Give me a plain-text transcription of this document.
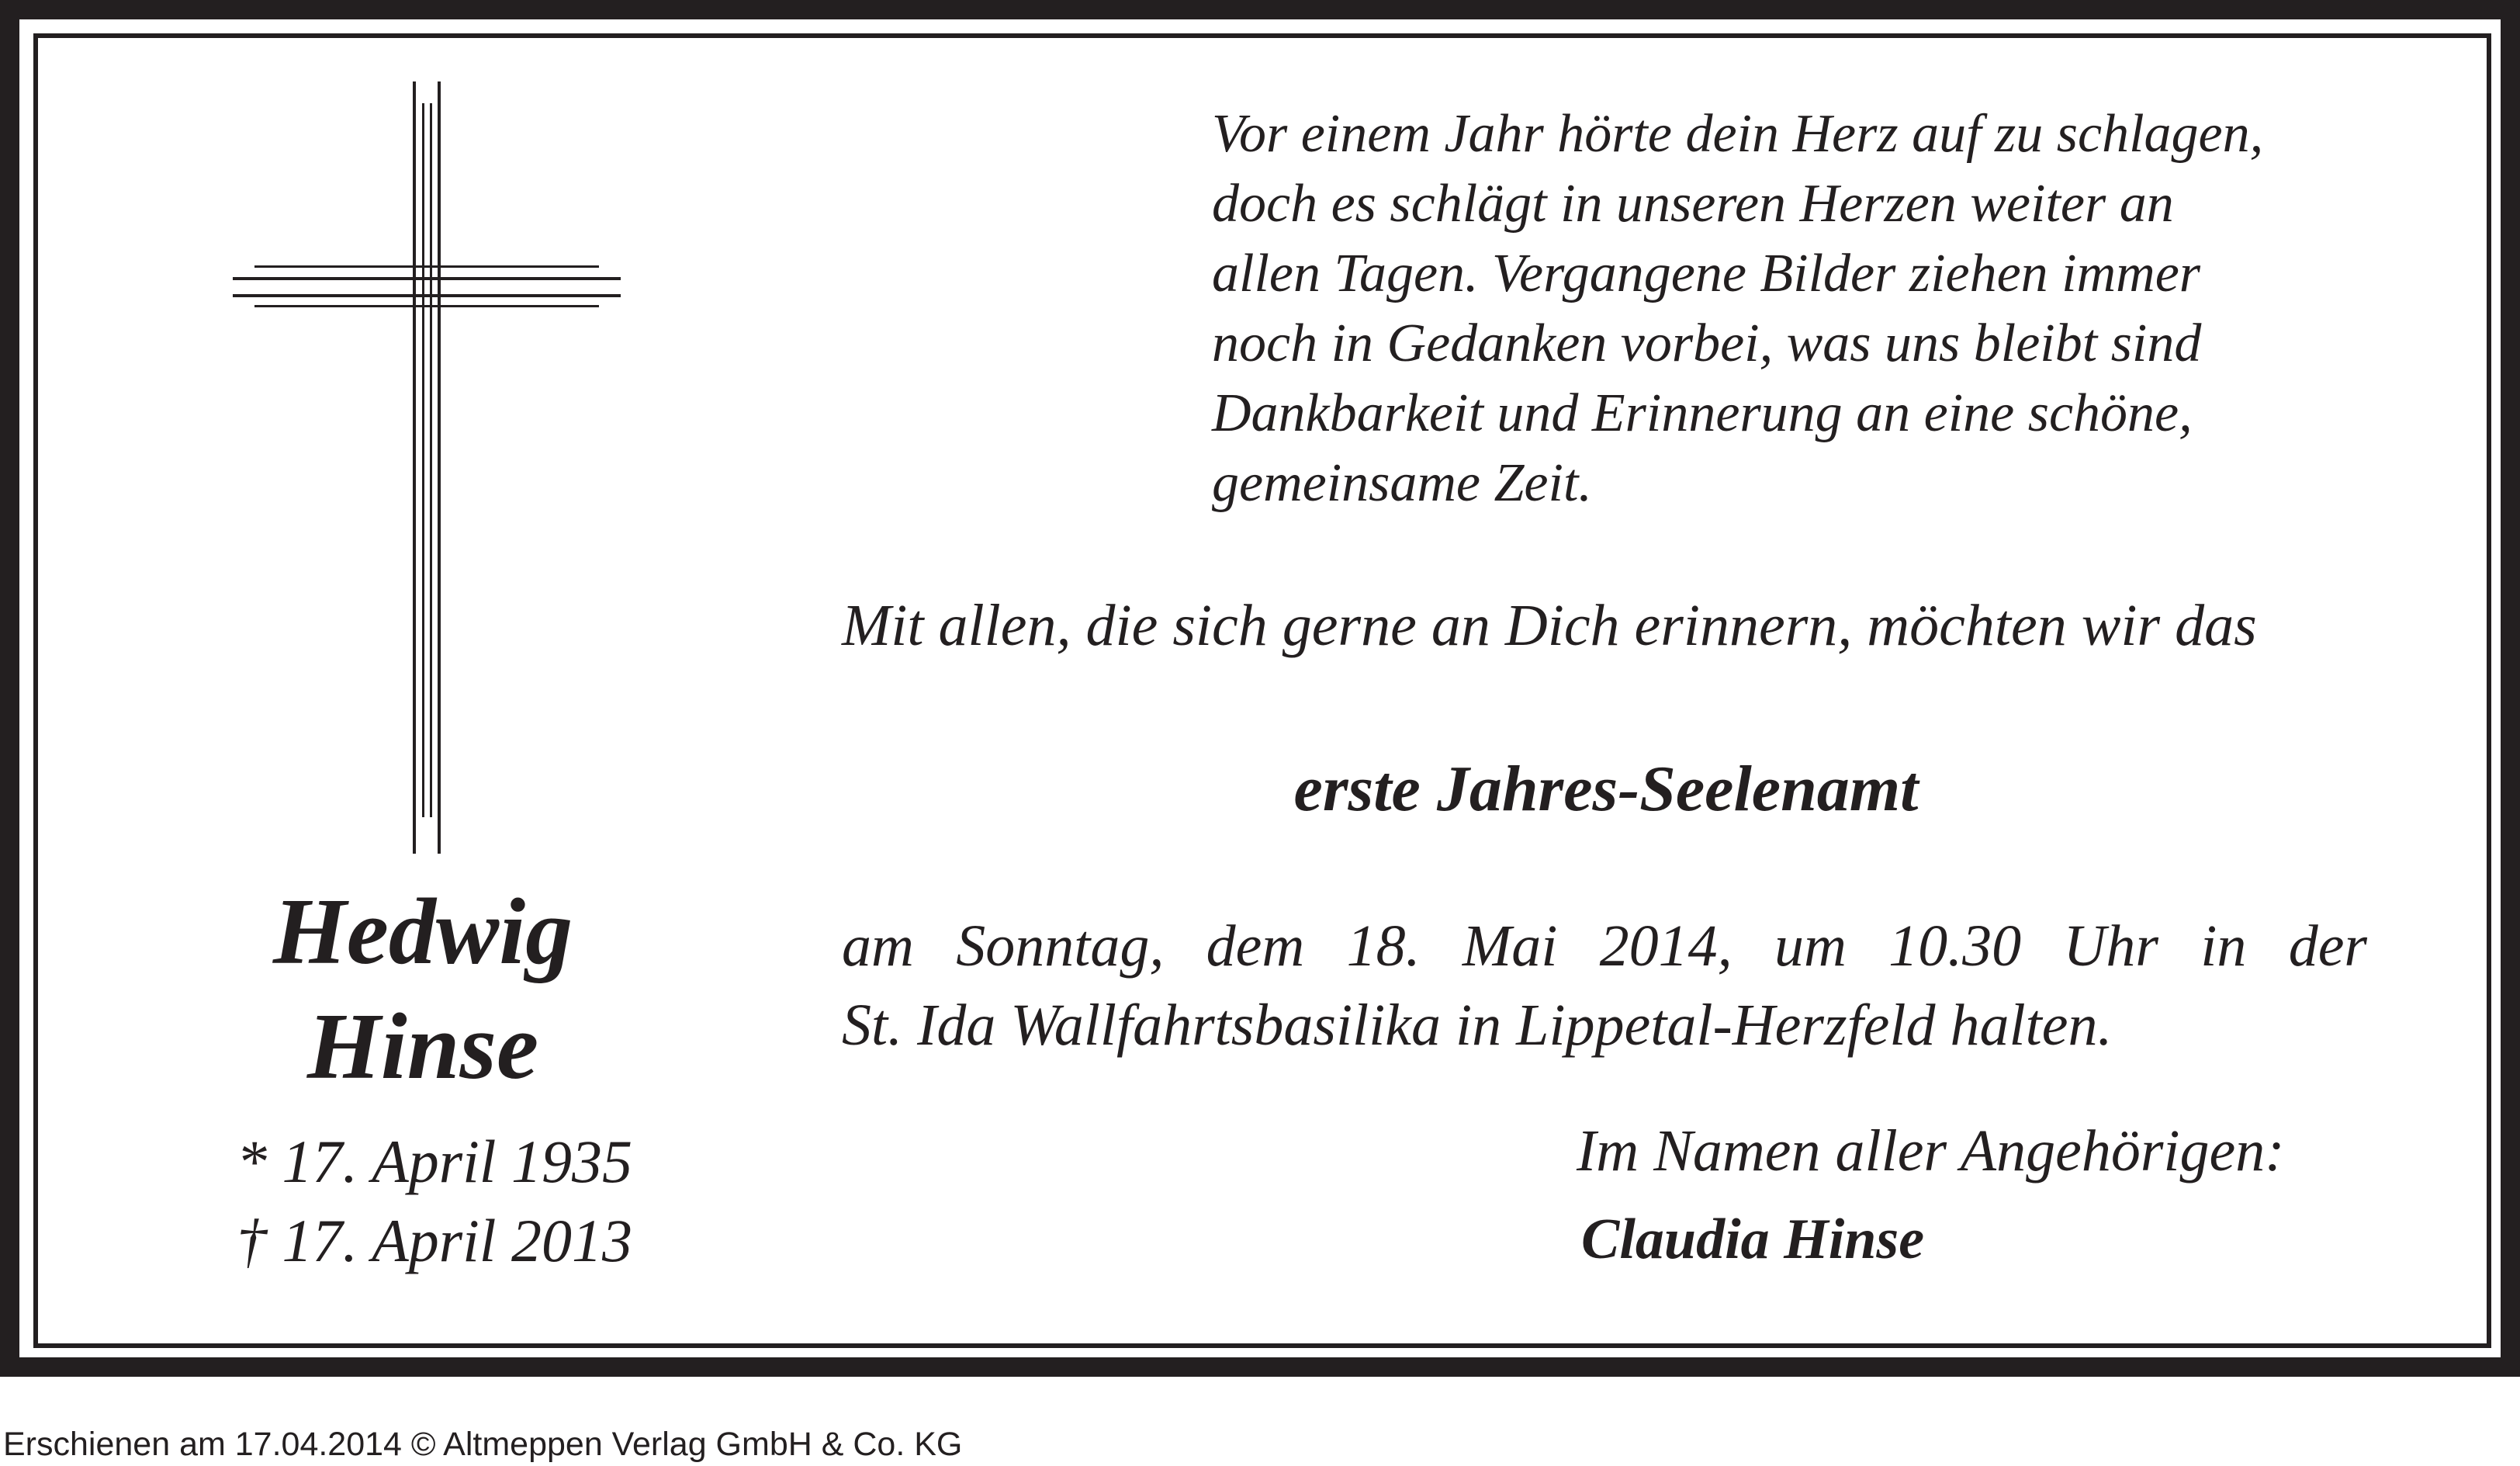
Hedwig
Hinse
* 17. April 1935
† 17. April 2013
Vor einem Jahr hörte dein Herz auf zu schlagen,
doch es schlägt in unseren Herzen weiter an
allen Tagen. Vergangene Bilder ziehen immer
noch in Gedanken vorbei, was uns bleibt sind
Dankbarkeit und Erinnerung an eine schöne,
gemeinsame Zeit.
Mit allen, die sich gerne an Dich erinnern, möchten wir das
erste Jahres-Seelenamt
am Sonntag, dem 18. Mai 2014, um 10.30 Uhr in der
St. Ida Wallfahrtsbasilika in Lippetal-Herzfeld halten.
Im Namen aller Angehörigen:
Claudia Hinse
Erschienen am 17.04.2014 © Altmeppen Verlag GmbH & Co. KG
